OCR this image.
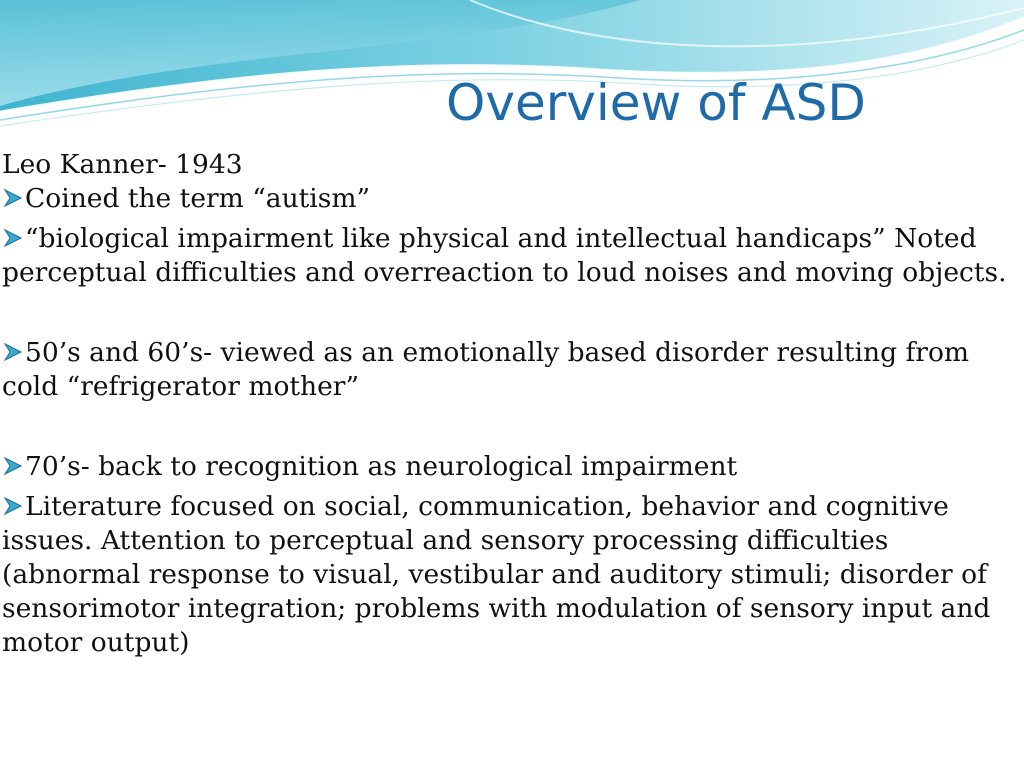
Overview of ASD

Leo Kanner- 1943

Coined the term “autism”

“biological impairment like physical and intellectual handicaps” Noted perceptual difficulties and overreaction to loud noises and moving objects.

50’s and 60’s- viewed as an emotionally based disorder resulting from cold “refrigerator mother”

70’s- back to recognition as neurological impairment

Literature focused on social, communication, behavior and cognitive issues. Attention to perceptual and sensory processing difficulties (abnormal response to visual, vestibular and auditory stimuli; disorder of sensorimotor integration; problems with modulation of sensory input and motor output)
